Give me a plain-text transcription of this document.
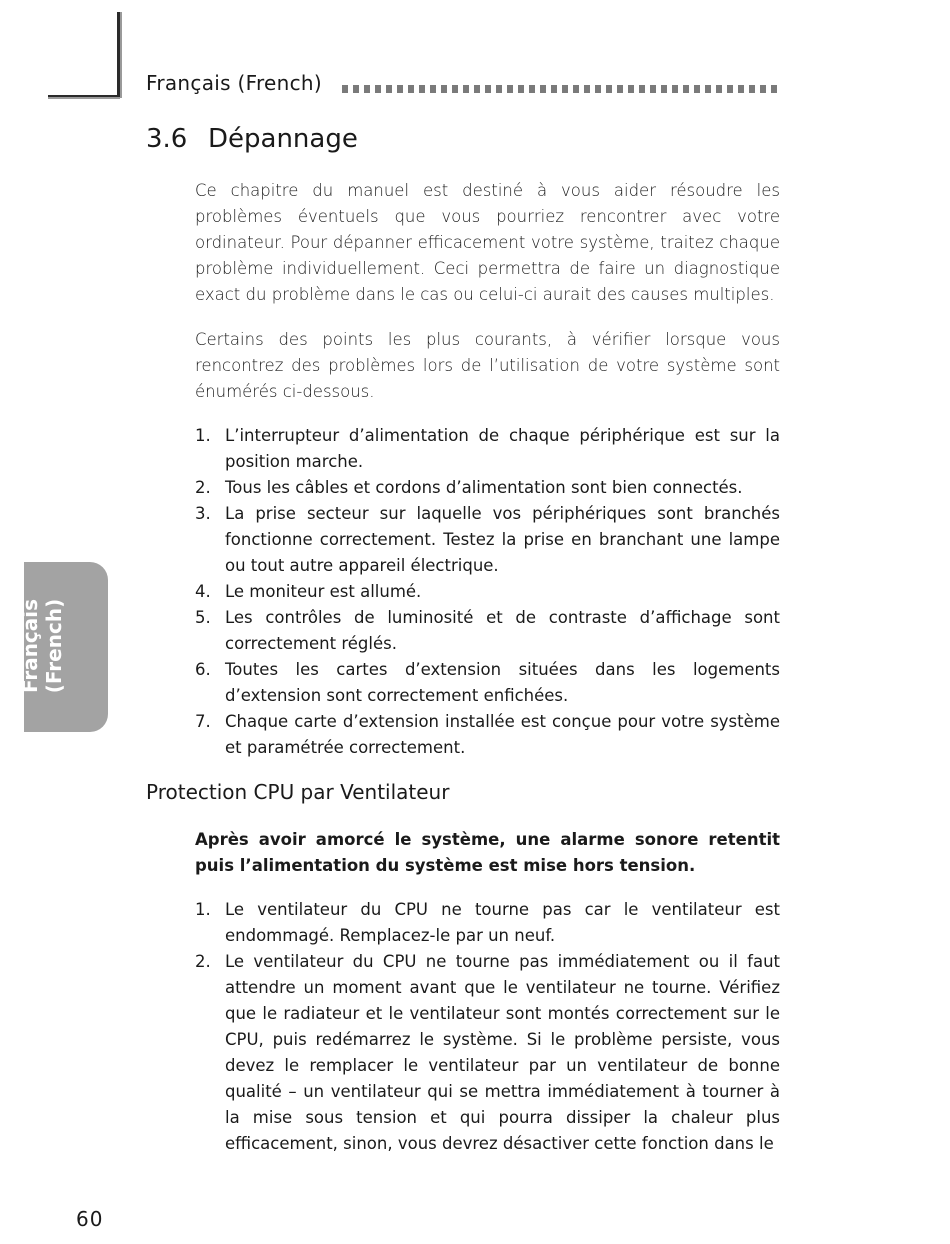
Français (French)
3.6 Dépannage

Ce chapitre du manuel est destiné à vous aider résoudre les problèmes éventuels que vous pourriez rencontrer avec votre ordinateur. Pour dépanner efficacement votre système, traitez chaque problème individuellement. Ceci permettra de faire un diagnostique exact du problème dans le cas ou celui-ci aurait des causes multiples.

Certains des points les plus courants, à vérifier lorsque vous rencontrez des problèmes lors de l’utilisation de votre système sont énumérés ci-dessous.

1. L’interrupteur d’alimentation de chaque périphérique est sur la position marche.
2. Tous les câbles et cordons d’alimentation sont bien connectés.
3. La prise secteur sur laquelle vos périphériques sont branchés fonctionne correctement. Testez la prise en branchant une lampe ou tout autre appareil électrique.
4. Le moniteur est allumé.
5. Les contrôles de luminosité et de contraste d’affichage sont correctement réglés.
6. Toutes les cartes d’extension situées dans les logements d’extension sont correctement enfichées.
7. Chaque carte d’extension installée est conçue pour votre système et paramétrée correctement.
Protection CPU par Ventilateur

Après avoir amorcé le système, une alarme sonore retentit puis l’alimentation du système est mise hors tension.

1. Le ventilateur du CPU ne tourne pas car le ventilateur est endommagé. Remplacez-le par un neuf.
2. Le ventilateur du CPU ne tourne pas immédiatement ou il faut attendre un moment avant que le ventilateur ne tourne. Vérifiez que le radiateur et le ventilateur sont montés correctement sur le CPU, puis redémarrez le système. Si le problème persiste, vous devez le remplacer le ventilateur par un ventilateur de bonne qualité – un ventilateur qui se mettra immédiatement à tourner à la mise sous tension et qui pourra dissiper la chaleur plus efficacement, sinon, vous devrez désactiver cette fonction dans le
Français (French)
60
